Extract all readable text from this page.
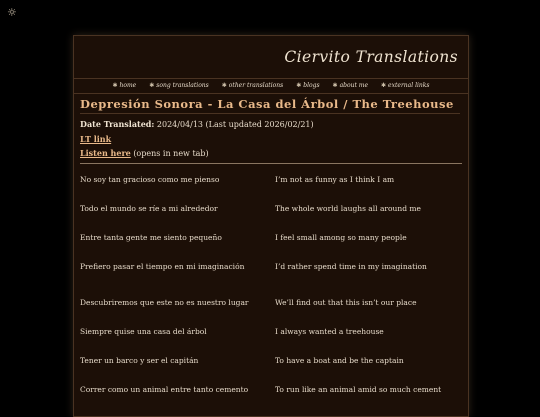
☼
Ciervito Translations
✱ home ✱ song translations ✱ other translations ✱ blogs ✱ about me ✱ external links
Depresión Sonora - La Casa del Árbol / The Treehouse
Date Translated: 2024/04/13 (Last updated 2026/02/21)
LT link
Listen here (opens in new tab)
No soy tan gracioso como me pienso	I’m not as funny as I think I am
Todo el mundo se ríe a mi alrededor	The whole world laughs all around me
Entre tanta gente me siento pequeño	I feel small among so many people
Prefiero pasar el tiempo en mi imaginación	I’d rather spend time in my imagination
Descubriremos que este no es nuestro lugar	We’ll find out that this isn’t our place
Siempre quise una casa del árbol	I always wanted a treehouse
Tener un barco y ser el capitán	To have a boat and be the captain
Correr como un animal entre tanto cemento	To run like an animal amid so much cement
